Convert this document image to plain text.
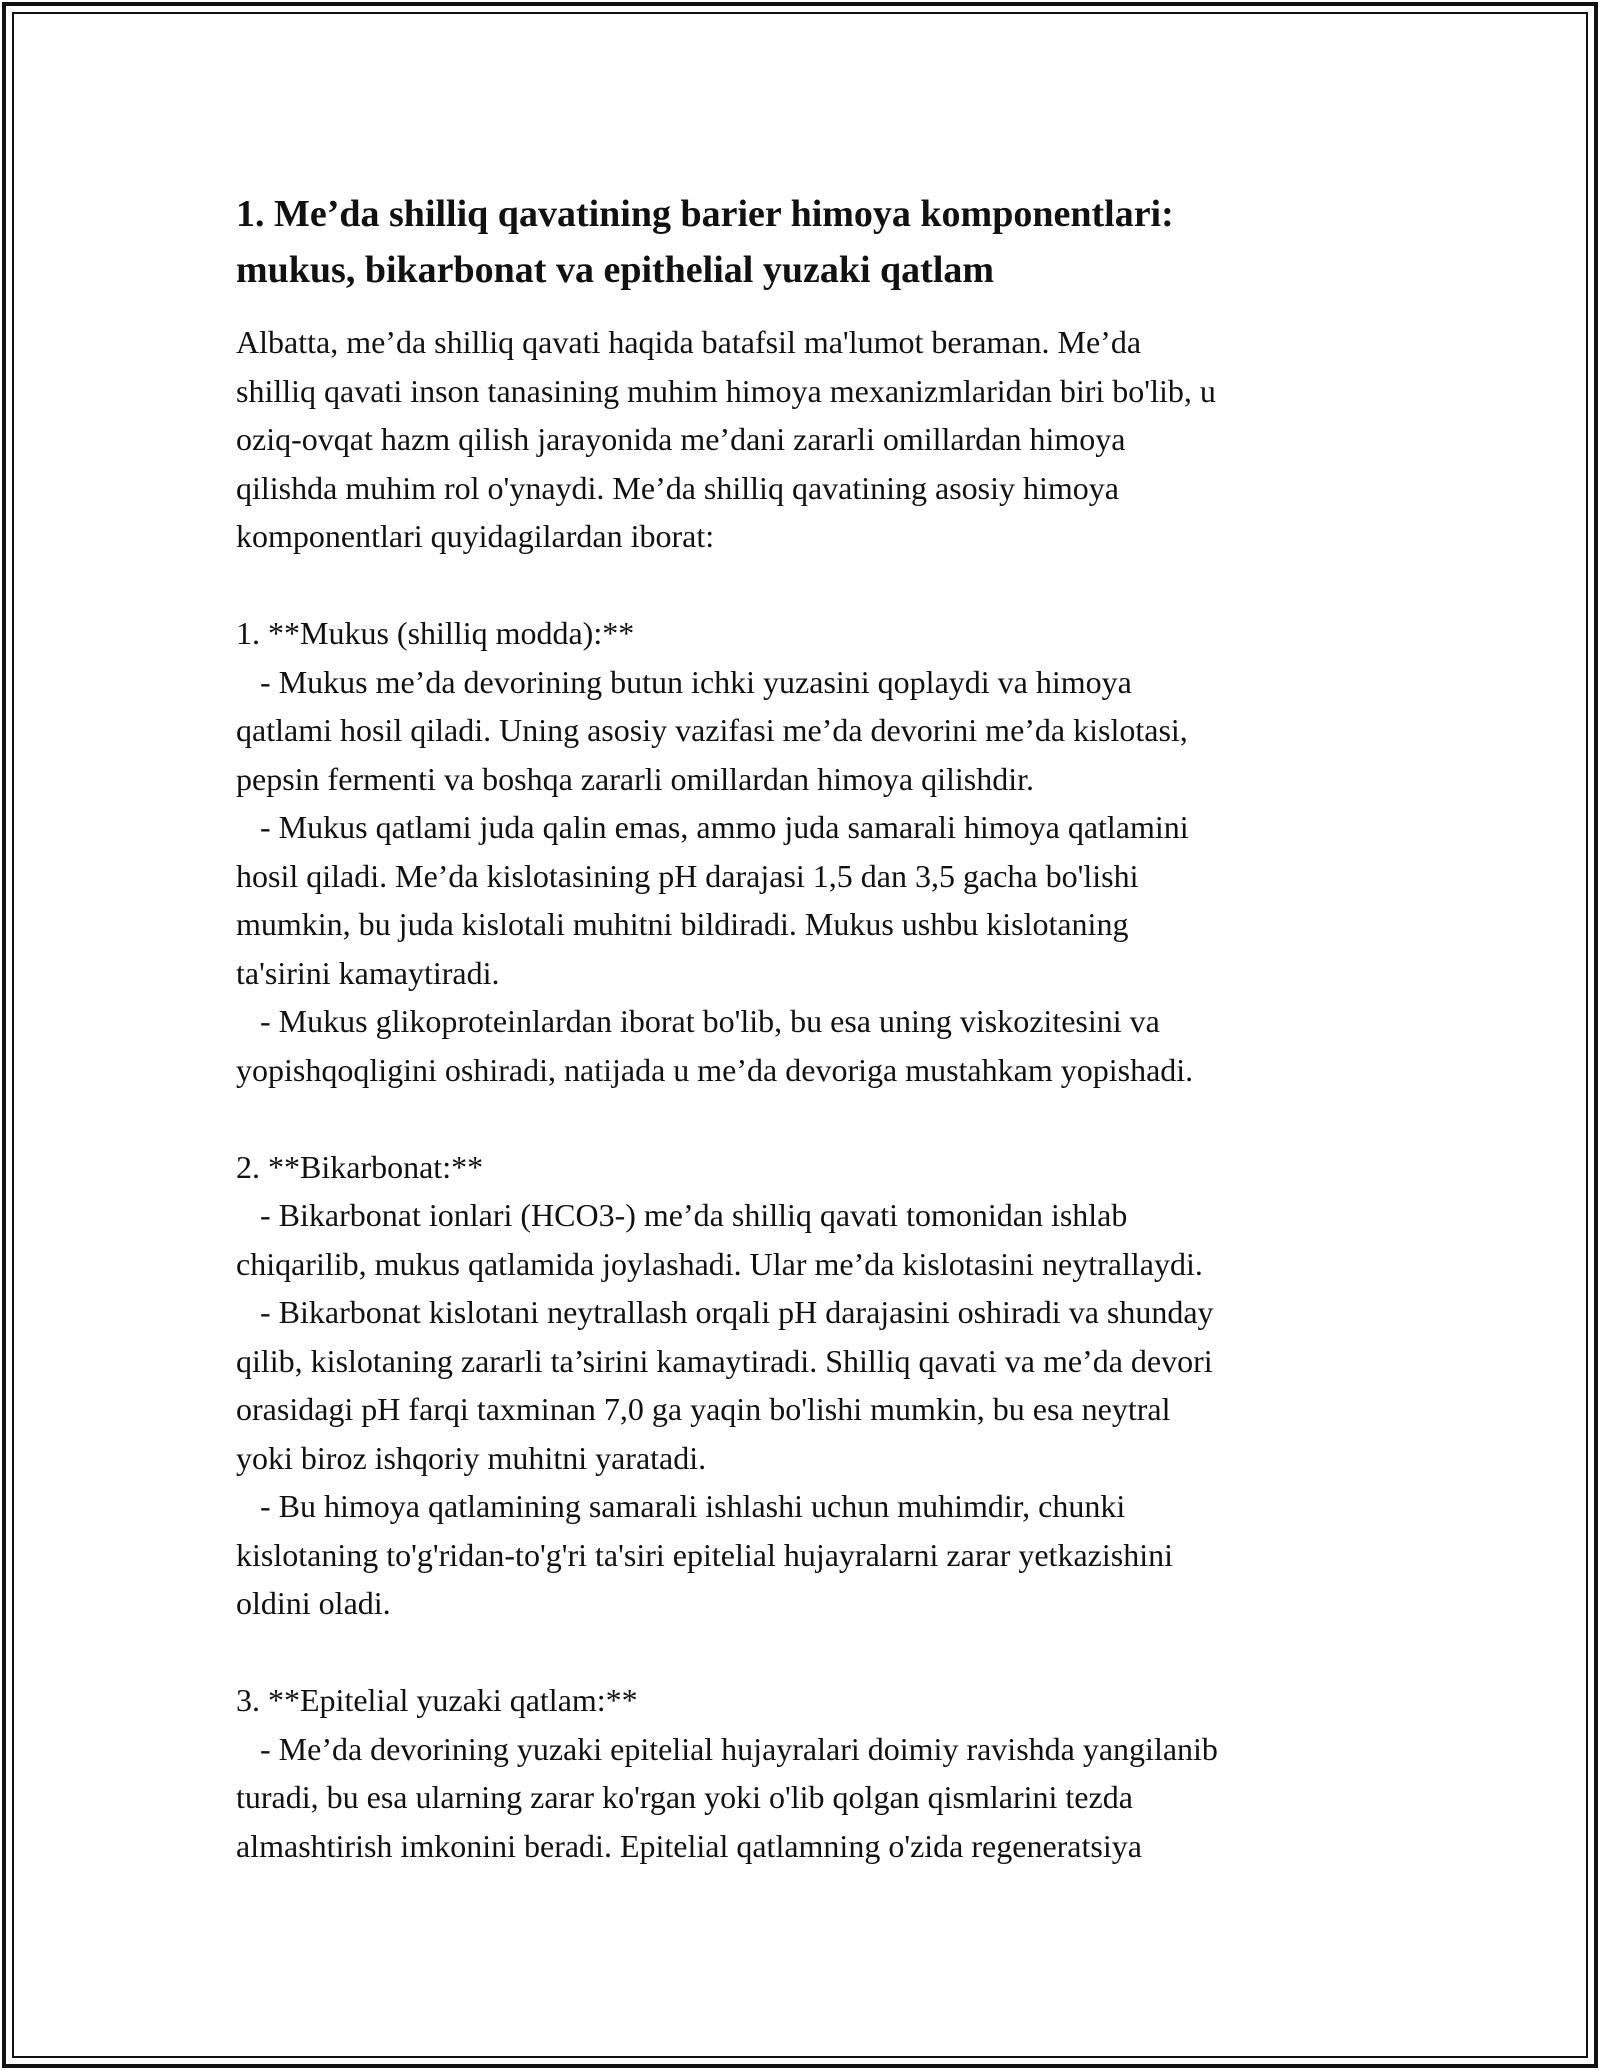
1. Me’da shilliq qavatining barier himoya komponentlari:
mukus, bikarbonat va epithelial yuzaki qatlam
Albatta, me’da shilliq qavati haqida batafsil ma'lumot beraman. Me’da
shilliq qavati inson tanasining muhim himoya mexanizmlaridan biri bo'lib, u
oziq-ovqat hazm qilish jarayonida me’dani zararli omillardan himoya
qilishda muhim rol o'ynaydi. Me’da shilliq qavatining asosiy himoya
komponentlari quyidagilardan iborat:
1. **Mukus (shilliq modda):**
- Mukus me’da devorining butun ichki yuzasini qoplaydi va himoya
qatlami hosil qiladi. Uning asosiy vazifasi me’da devorini me’da kislotasi,
pepsin fermenti va boshqa zararli omillardan himoya qilishdir.
- Mukus qatlami juda qalin emas, ammo juda samarali himoya qatlamini
hosil qiladi. Me’da kislotasining pH darajasi 1,5 dan 3,5 gacha bo'lishi
mumkin, bu juda kislotali muhitni bildiradi. Mukus ushbu kislotaning
ta'sirini kamaytiradi.
- Mukus glikoproteinlardan iborat bo'lib, bu esa uning viskozitesini va
yopishqoqligini oshiradi, natijada u me’da devoriga mustahkam yopishadi.
2. **Bikarbonat:**
- Bikarbonat ionlari (HCO3-) me’da shilliq qavati tomonidan ishlab
chiqarilib, mukus qatlamida joylashadi. Ular me’da kislotasini neytrallaydi.
- Bikarbonat kislotani neytrallash orqali pH darajasini oshiradi va shunday
qilib, kislotaning zararli ta’sirini kamaytiradi. Shilliq qavati va me’da devori
orasidagi pH farqi taxminan 7,0 ga yaqin bo'lishi mumkin, bu esa neytral
yoki biroz ishqoriy muhitni yaratadi.
- Bu himoya qatlamining samarali ishlashi uchun muhimdir, chunki
kislotaning to'g'ridan-to'g'ri ta'siri epitelial hujayralarni zarar yetkazishini
oldini oladi.
3. **Epitelial yuzaki qatlam:**
- Me’da devorining yuzaki epitelial hujayralari doimiy ravishda yangilanib
turadi, bu esa ularning zarar ko'rgan yoki o'lib qolgan qismlarini tezda
almashtirish imkonini beradi. Epitelial qatlamning o'zida regeneratsiya
